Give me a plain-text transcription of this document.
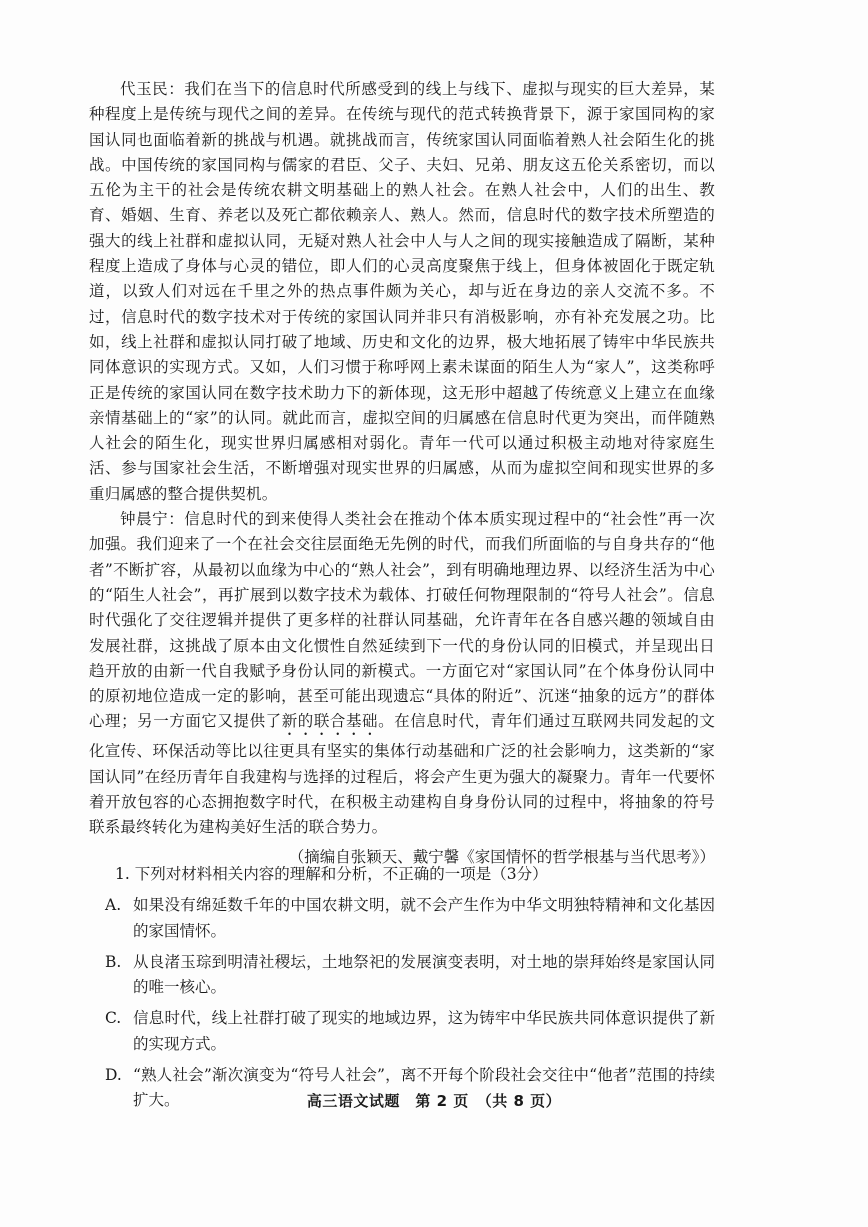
代玉民：我们在当下的信息时代所感受到的线上与线下、虚拟与现实的巨大差异，某种程度上是传统与现代之间的差异。在传统与现代的范式转换背景下，源于家国同构的家国认同也面临着新的挑战与机遇。就挑战而言，传统家国认同面临着熟人社会陌生化的挑战。中国传统的家国同构与儒家的君臣、父子、夫妇、兄弟、朋友这五伦关系密切，而以五伦为主干的社会是传统农耕文明基础上的熟人社会。在熟人社会中，人们的出生、教育、婚姻、生育、养老以及死亡都依赖亲人、熟人。然而，信息时代的数字技术所塑造的强大的线上社群和虚拟认同，无疑对熟人社会中人与人之间的现实接触造成了隔断，某种程度上造成了身体与心灵的错位，即人们的心灵高度聚焦于线上，但身体被固化于既定轨道，以致人们对远在千里之外的热点事件颇为关心，却与近在身边的亲人交流不多。不过，信息时代的数字技术对于传统的家国认同并非只有消极影响，亦有补充发展之功。比如，线上社群和虚拟认同打破了地域、历史和文化的边界，极大地拓展了铸牢中华民族共同体意识的实现方式。又如，人们习惯于称呼网上素未谋面的陌生人为“家人”，这类称呼正是传统的家国认同在数字技术助力下的新体现，这无形中超越了传统意义上建立在血缘亲情基础上的“家”的认同。就此而言，虚拟空间的归属感在信息时代更为突出，而伴随熟人社会的陌生化，现实世界归属感相对弱化。青年一代可以通过积极主动地对待家庭生活、参与国家社会生活，不断增强对现实世界的归属感，从而为虚拟空间和现实世界的多重归属感的整合提供契机。

钟晨宁：信息时代的到来使得人类社会在推动个体本质实现过程中的“社会性”再一次加强。我们迎来了一个在社会交往层面绝无先例的时代，而我们所面临的与自身共存的“他者”不断扩容，从最初以血缘为中心的“熟人社会”，到有明确地理边界、以经济生活为中心的“陌生人社会”，再扩展到以数字技术为载体、打破任何物理限制的“符号人社会”。信息时代强化了交往逻辑并提供了更多样的社群认同基础，允许青年在各自感兴趣的领域自由发展社群，这挑战了原本由文化惯性自然延续到下一代的身份认同的旧模式，并呈现出日趋开放的由新一代自我赋予身份认同的新模式。一方面它对“家国认同”在个体身份认同中的原初地位造成一定的影响，甚至可能出现遗忘“具体的附近”、沉迷“抽象的远方”的群体心理；另一方面它又提供了新的联合基础。在信息时代，青年们通过互联网共同发起的文化宣传、环保活动等比以往更具有坚实的集体行动基础和广泛的社会影响力，这类新的“家国认同”在经历青年自我建构与选择的过程后，将会产生更为强大的凝聚力。青年一代要怀着开放包容的心态拥抱数字时代，在积极主动建构自身身份认同的过程中，将抽象的符号联系最终转化为建构美好生活的联合势力。

（摘编自张颖天、戴宁馨《家国情怀的哲学根基与当代思考》）

1. 下列对材料相关内容的理解和分析，不正确的一项是（3分）

A. 如果没有绵延数千年的中国农耕文明，就不会产生作为中华文明独特精神和文化基因的家国情怀。
B. 从良渚玉琮到明清社稷坛，土地祭祀的发展演变表明，对土地的崇拜始终是家国认同的唯一核心。
C. 信息时代，线上社群打破了现实的地域边界，这为铸牢中华民族共同体意识提供了新的实现方式。
D. “熟人社会”渐次演变为“符号人社会”，离不开每个阶段社会交往中“他者”范围的持续扩大。	高三语文试题　第 2 页　（共 8 页）
